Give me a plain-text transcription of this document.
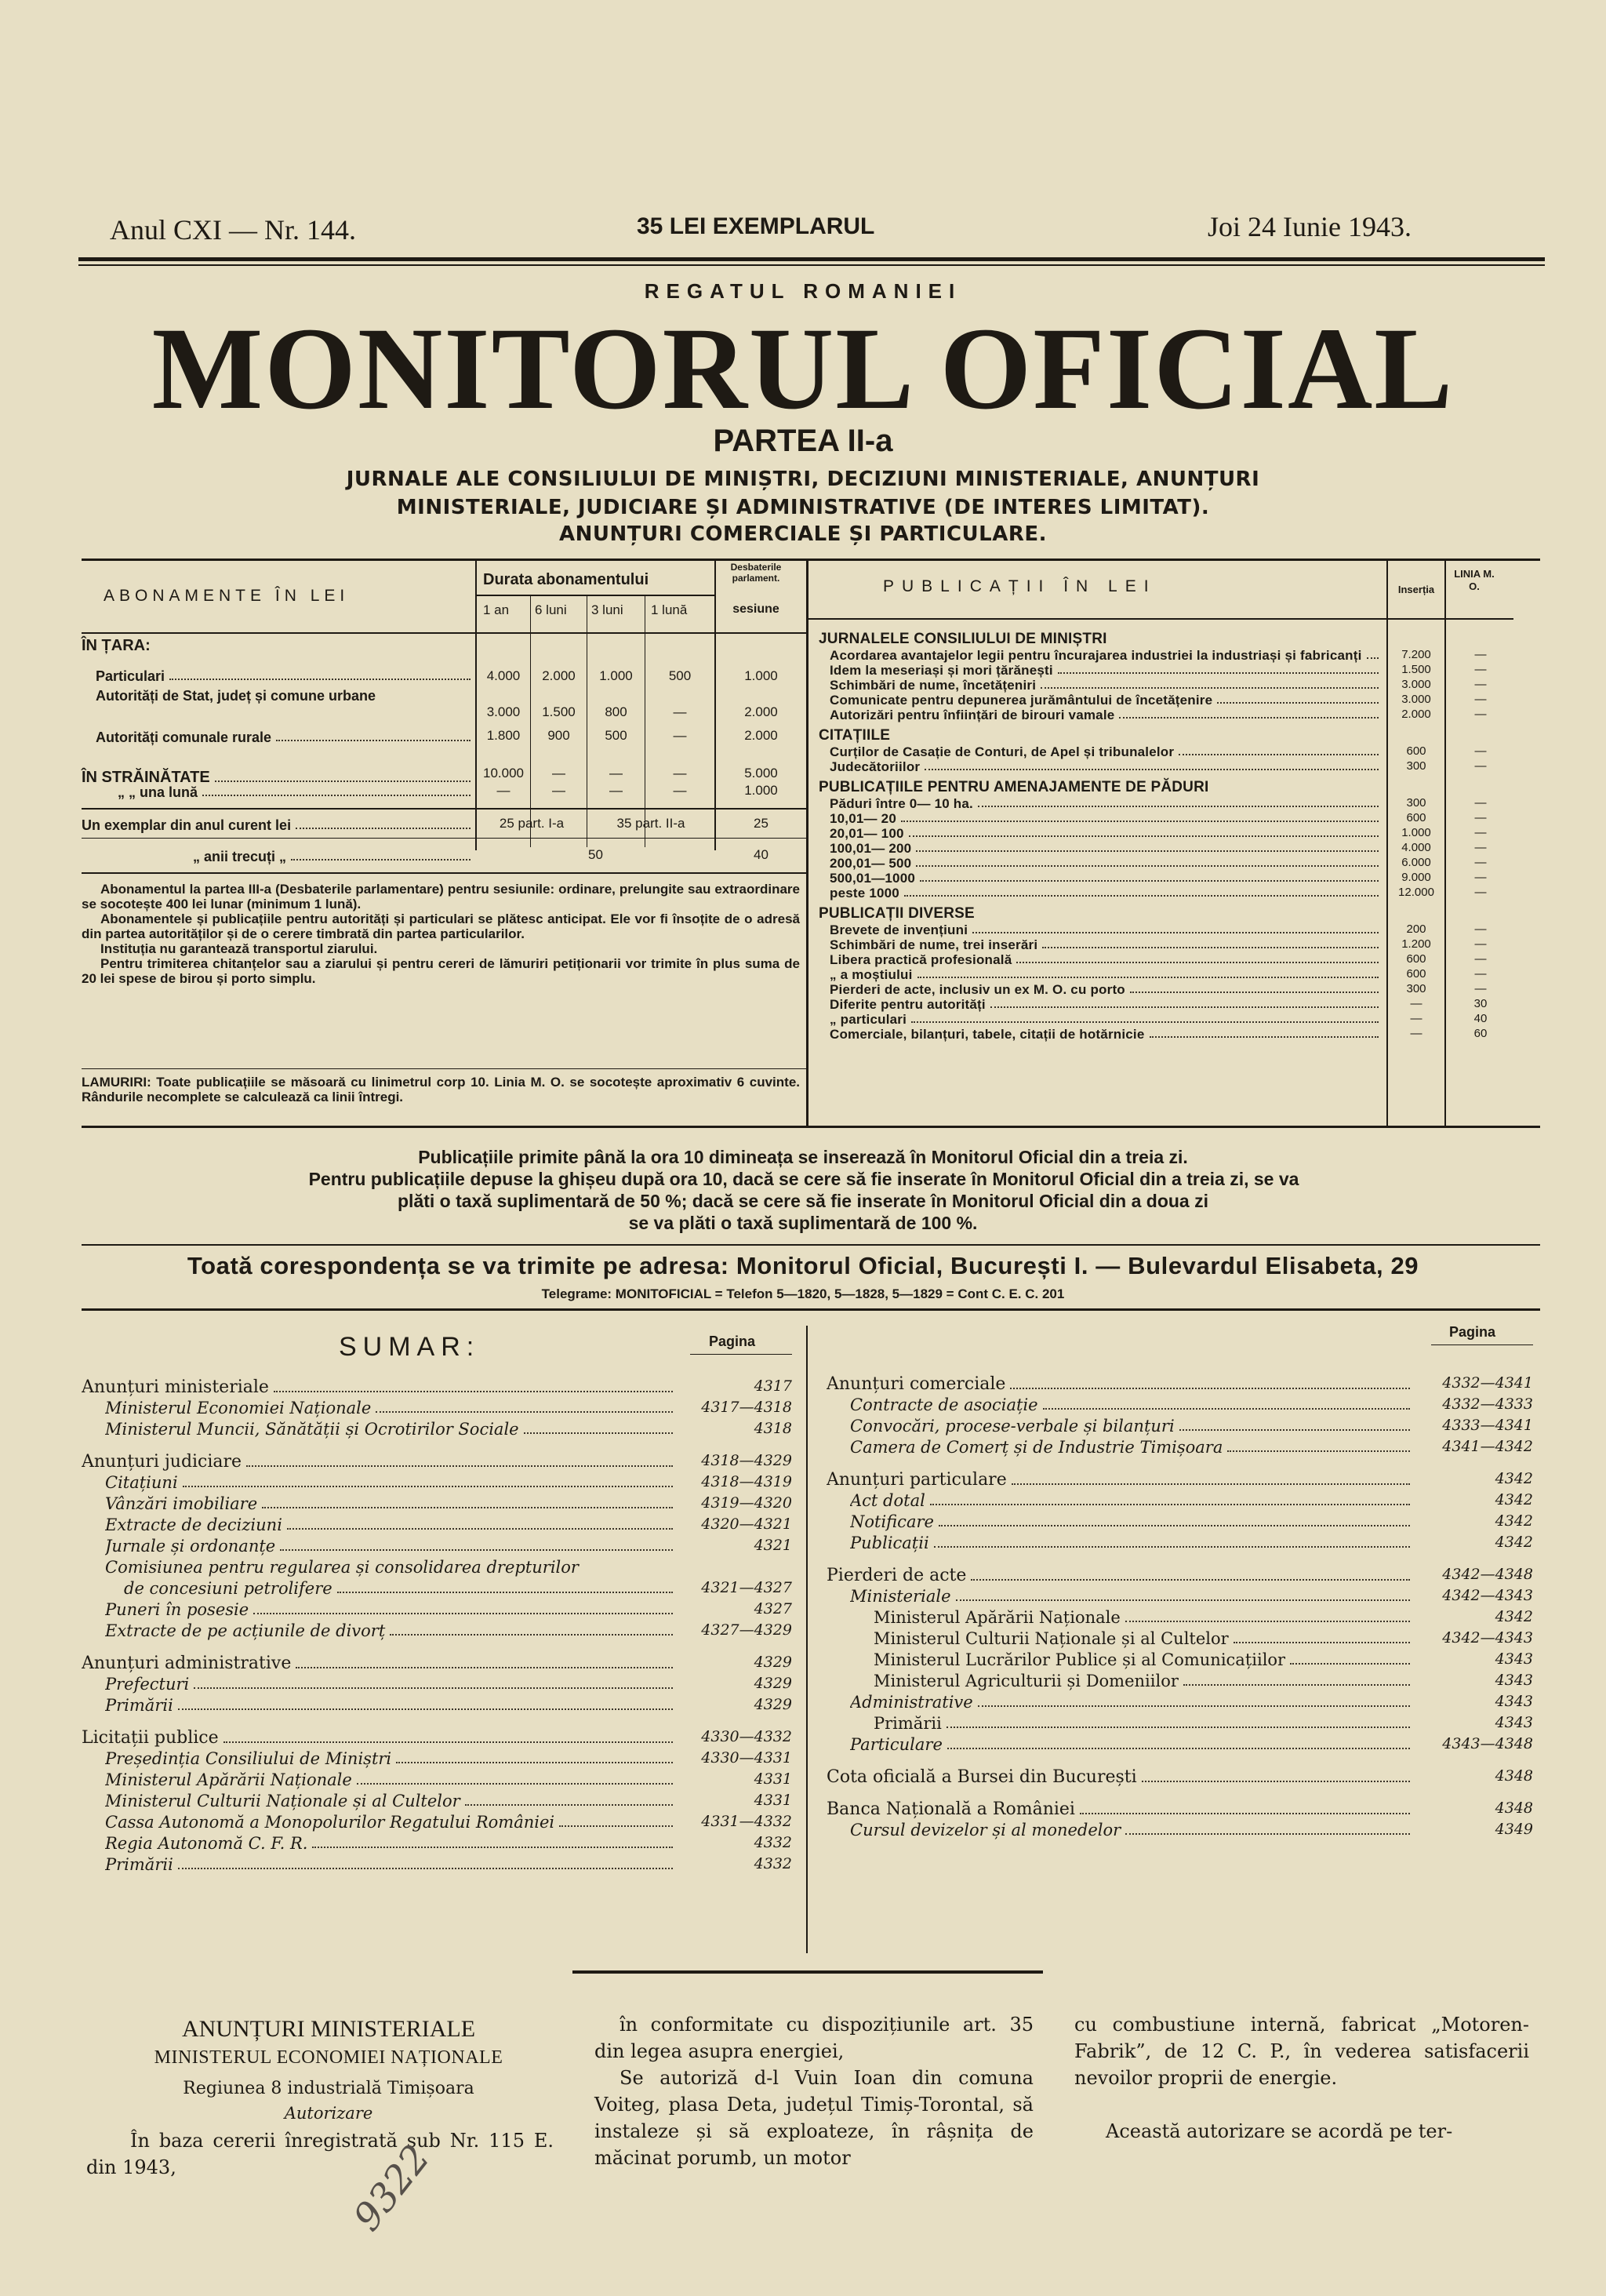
Anul CXI — Nr. 144.	35 LEI EXEMPLARUL	Joi 24 Iunie 1943.
REGATUL ROMANIEI
MONITORUL OFICIAL
PARTEA II-a
JURNALE ALE CONSILIULUI DE MINIȘTRI, DECIZIUNI MINISTERIALE, ANUNȚURI
MINISTERIALE, JUDICIARE ȘI ADMINISTRATIVE (DE INTERES LIMITAT).
ANUNȚURI COMERCIALE ȘI PARTICULARE.
ABONAMENTE ÎN LEI
Durata abonamentului
1 an 6 luni 3 luni 1 lună
Desbaterile parlament.
sesiune
ÎN ȚARA:
Particulari	4.000	2.000	1.000	500	1.000
Autorități de Stat, județ și comune urbane
3.000	1.500	800	—	2.000
Autorități comunale rurale	1.800	900	500	—	2.000
ÎN STRĂINĂTATE	10.000	—	—	—	5.000
„ „ una lună	—	—	—	—	1.000
Un exemplar din anul curent lei	25 part. I-a	35 part. II-a	25
„ anii trecuți „	50	40

Abonamentul la partea III-a (Desbaterile parlamentare) pentru sesiunile: ordinare, prelungite sau extraordinare se socotește 400 lei lunar (minimum 1 lună).

Abonamentele și publicațiile pentru autorități și particulari se plătesc anticipat. Ele vor fi însoțite de o adresă din partea autorităților și de o cerere timbrată din partea particularilor.

Instituția nu garantează transportul ziarului.

Pentru trimiterea chitanțelor sau a ziarului și pentru cereri de lămuriri petiționarii vor trimite în plus suma de 20 lei spese de birou și porto simplu.

LAMURIRI: Toate publicațiile se măsoară cu linimetrul corp 10. Linia M. O. se socotește aproximativ 6 cuvinte. Rândurile necomplete se calculează ca linii întregi.
PUBLICAȚII ÎN LEI	Inserția
LINIA M. O.
JURNALELE CONSILIULUI DE MINIȘTRI
Acordarea avantajelor legii pentru încurajarea industriei la industriași și fabricanți	7.200	—
Idem la meseriași și mori țărănești	1.500	—
Schimbări de nume, încetățeniri	3.000	—
Comunicate pentru depunerea jurământului de încetățenire	3.000	—
Autorizări pentru înființări de birouri vamale	2.000	—
CITAȚIILE
Curților de Casație de Conturi, de Apel și tribunalelor	600	—
Judecătoriilor	300	—
PUBLICAȚIILE PENTRU AMENAJAMENTE DE PĂDURI
Păduri între 0— 10 ha.	300	—
10,01— 20	600	—
20,01— 100	1.000	—
100,01— 200	4.000	—
200,01— 500	6.000	—
500,01—1000	9.000	—
peste 1000	12.000	—
PUBLICAȚII DIVERSE
Brevete de invențiuni	200	—
Schimbări de nume, trei inserări	1.200	—
Libera practică profesională	600	—
„ a moștiului	600	—
Pierderi de acte, inclusiv un ex M. O. cu porto	300	—
Diferite pentru autorități	—	30
„ particulari	—	40
Comerciale, bilanțuri, tabele, citații de hotărnicie	—	60
Publicațiile primite până la ora 10 dimineața se inserează în Monitorul Oficial din a treia zi.
Pentru publicațiile depuse la ghișeu după ora 10, dacă se cere să fie inserate în Monitorul Oficial din a treia zi, se va
plăti o taxă suplimentară de 50 %; dacă se cere să fie inserate în Monitorul Oficial din a doua zi
se va plăti o taxă suplimentară de 100 %.
Toată corespondența se va trimite pe adresa: Monitorul Oficial, București I. — Bulevardul Elisabeta, 29
Telegrame: MONITOFICIAL = Telefon 5—1820, 5—1828, 5—1829 = Cont C. E. C. 201
SUMAR:	Pagina
Pagina
Anunțuri ministeriale	4317
Ministerul Economiei Naționale	4317—4318
Ministerul Muncii, Sănătății și Ocrotirilor Sociale	4318
Anunțuri judiciare	4318—4329
Citațiuni	4318—4319
Vânzări imobiliare	4319—4320
Extracte de deciziuni	4320—4321
Jurnale și ordonanțe	4321
Comisiunea pentru regularea și consolidarea drepturilor
de concesiuni petrolifere	4321—4327
Puneri în posesie	4327
Extracte de pe acțiunile de divorț	4327—4329
Anunțuri administrative	4329
Prefecturi	4329
Primării	4329
Licitații publice	4330—4332
Președinția Consiliului de Miniștri	4330—4331
Ministerul Apărării Naționale	4331
Ministerul Culturii Naționale și al Cultelor	4331
Cassa Autonomă a Monopolurilor Regatului României	4331—4332
Regia Autonomă C. F. R.	4332
Primării	4332
Anunțuri comerciale	4332—4341
Contracte de asociație	4332—4333
Convocări, procese-verbale și bilanțuri	4333—4341
Camera de Comerț și de Industrie Timișoara	4341—4342
Anunțuri particulare	4342
Act dotal	4342
Notificare	4342
Publicații	4342
Pierderi de acte	4342—4348
Ministeriale	4342—4343
Ministerul Apărării Naționale	4342
Ministerul Culturii Naționale și al Cultelor	4342—4343
Ministerul Lucrărilor Publice și al Comunicațiilor	4343
Ministerul Agriculturii și Domeniilor	4343
Administrative	4343
Primării	4343
Particulare	4343—4348
Cota oficială a Bursei din București	4348
Banca Națională a României	4348
Cursul devizelor și al monedelor	4349
ANUNȚURI MINISTERIALE
MINISTERUL ECONOMIEI NAȚIONALE
Regiunea 8 industrială Timișoara
Autorizare
În baza cererii înregistrată sub Nr. 115 E. din 1943,
în conformitate cu dispozițiunile art. 35 din legea asupra energiei,
Se autoriză d-l Vuin Ioan din comuna Voiteg, plasa Deta, județul Timiș-Torontal, să instaleze și să exploateze, în râșnița de măcinat porumb, un motor
cu combustiune internă, fabricat „Motoren-Fabrik”, de 12 C. P., în vederea satisfacerii nevoilor proprii de energie.
Această autorizare se acordă pe ter-
9322
